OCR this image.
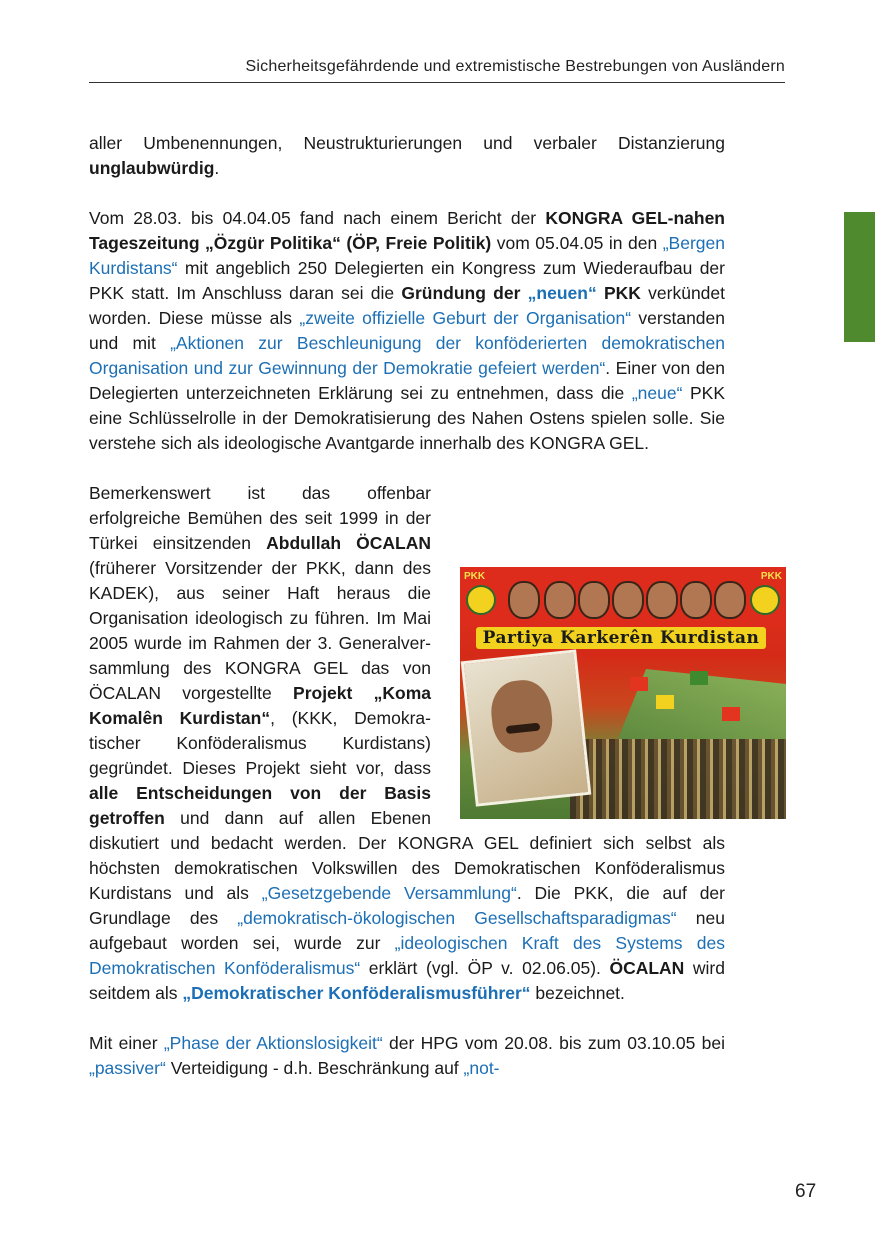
Sicherheitsgefährdende und extremistische Bestrebungen von Ausländern

aller Umbenennungen, Neustrukturierungen und verbaler Distanzierung unglaubwürdig.

Vom 28.03. bis 04.04.05 fand nach einem Bericht der KONGRA GEL-nahen Tageszeitung „Özgür Politika“ (ÖP, Freie Politik) vom 05.04.05 in den „Bergen Kurdistans“ mit angeblich 250 Delegierten ein Kongress zum Wiederaufbau der PKK statt. Im Anschluss daran sei die Gründung der „neuen“ PKK verkündet worden. Diese müsse als „zweite offizielle Geburt der Organisation“ verstanden und mit „Aktionen zur Beschleunigung der konföderierten demokratischen Organisation und zur Gewinnung der Demokratie gefeiert werden“. Einer von den Delegierten unterzeichneten Erklärung sei zu entnehmen, dass die „neue“ PKK eine Schlüsselrolle in der Demokratisierung des Nahen Ostens spielen solle. Sie verstehe sich als ideologische Avantgarde innerhalb des KONGRA GEL.

PKK	PKK
Partiya Karkerên Kurdistan

Bemerkenswert ist das offenbar erfolgreiche Bemühen des seit 1999 in der Türkei einsitzenden Abdullah ÖCALAN (früherer Vorsitzender der PKK, dann des KADEK), aus seiner Haft heraus die Organisation ideologisch zu führen. Im Mai 2005 wurde im Rahmen der 3. Generalversammlung des KONGRA GEL das von ÖCALAN vorgestellte Projekt „Koma Komalên Kurdistan“, (KKK, Demokratischer Konföderalismus Kurdistans) gegründet. Dieses Projekt sieht vor, dass alle Entscheidungen von der Basis getroffen und dann auf allen Ebenen diskutiert und bedacht werden. Der KONGRA GEL definiert sich selbst als höchsten demokratischen Volkswillen des Demokratischen Konföderalismus Kurdistans und als „Gesetzgebende Versammlung“. Die PKK, die auf der Grundlage des „demokratisch-ökologischen Gesellschaftsparadigmas“ neu aufgebaut worden sei, wurde zur „ideologischen Kraft des Systems des Demokratischen Konföderalismus“ erklärt (vgl. ÖP v. 02.06.05). ÖCALAN wird seitdem als „Demokratischer Konföderalismusführer“ bezeichnet.

Mit einer „Phase der Aktionslosigkeit“ der HPG vom 20.08. bis zum 03.10.05 bei „passiver“ Verteidigung - d.h. Beschränkung auf „not-

67
